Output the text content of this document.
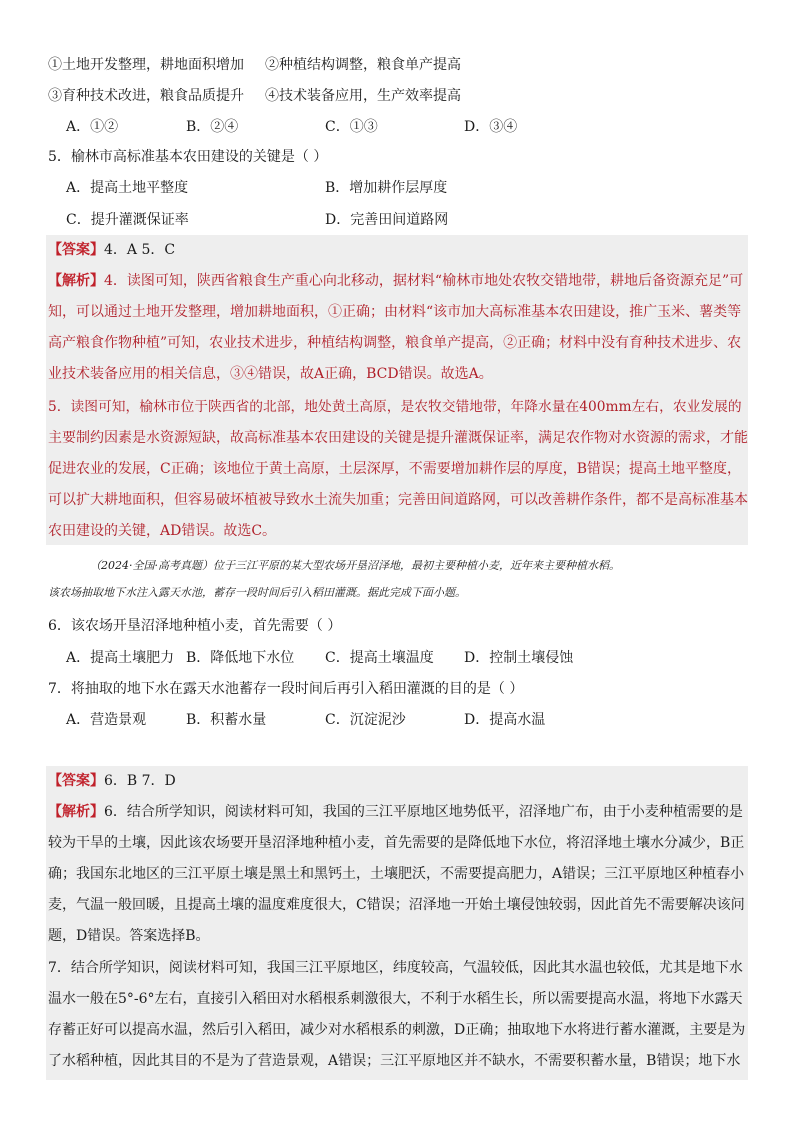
①土地开发整理，耕地面积增加 ②种植结构调整，粮食单产提高
③育种技术改进，粮食品质提升 ④技术装备应用，生产效率提高
A．①②	B．②④	C．①③	D．③④
5．榆林市高标准基本农田建设的关键是（ ）
A．提高土地平整度	B．增加耕作层厚度
C．提升灌溉保证率	D．完善田间道路网
【答案】4．A 5．C
【解析】4．读图可知，陕西省粮食生产重心向北移动，据材料“榆林市地处农牧交错地带，耕地后备资源充足”可
知，可以通过土地开发整理，增加耕地面积，①正确；由材料“该市加大高标准基本农田建设，推广玉米、薯类等
高产粮食作物种植”可知，农业技术进步，种植结构调整，粮食单产提高，②正确；材料中没有育种技术进步、农
业技术装备应用的相关信息，③④错误，故A正确，BCD错误。故选A。
5．读图可知，榆林市位于陕西省的北部，地处黄土高原，是农牧交错地带，年降水量在400mm左右，农业发展的
主要制约因素是水资源短缺，故高标准基本农田建设的关键是提升灌溉保证率，满足农作物对水资源的需求，才能
促进农业的发展，C正确；该地位于黄土高原，土层深厚，不需要增加耕作层的厚度，B错误；提高土地平整度，
可以扩大耕地面积，但容易破坏植被导致水土流失加重；完善田间道路网，可以改善耕作条件，都不是高标准基本
农田建设的关键，AD错误。故选C。
（2024·全国·高考真题）位于三江平原的某大型农场开垦沼泽地，最初主要种植小麦，近年来主要种植水稻。
该农场抽取地下水注入露天水池，蓄存一段时间后引入稻田灌溉。据此完成下面小题。
6．该农场开垦沼泽地种植小麦，首先需要（ ）
A．提高土壤肥力 B．降低地下水位 C．提高土壤温度 D．控制土壤侵蚀
7．将抽取的地下水在露天水池蓄存一段时间后再引入稻田灌溉的目的是（ ）
A．营造景观	B．积蓄水量	C．沉淀泥沙	D．提高水温
【答案】6．B 7．D
【解析】6．结合所学知识，阅读材料可知，我国的三江平原地区地势低平，沼泽地广布，由于小麦种植需要的是
较为干旱的土壤，因此该农场要开垦沼泽地种植小麦，首先需要的是降低地下水位，将沼泽地土壤水分减少，B正
确；我国东北地区的三江平原土壤是黑土和黑钙土，土壤肥沃，不需要提高肥力，A错误；三江平原地区种植春小
麦，气温一般回暖，且提高土壤的温度难度很大，C错误；沼泽地一开始土壤侵蚀较弱，因此首先不需要解决该问
题，D错误。答案选择B。
7．结合所学知识，阅读材料可知，我国三江平原地区，纬度较高，气温较低，因此其水温也较低，尤其是地下水
温水一般在5°-6°左右，直接引入稻田对水稻根系刺激很大，不利于水稻生长，所以需要提高水温，将地下水露天
存蓄正好可以提高水温，然后引入稻田，减少对水稻根系的刺激，D正确；抽取地下水将进行蓄水灌溉，主要是为
了水稻种植，因此其目的不是为了营造景观，A错误；三江平原地区并不缺水，不需要积蓄水量，B错误；地下水
